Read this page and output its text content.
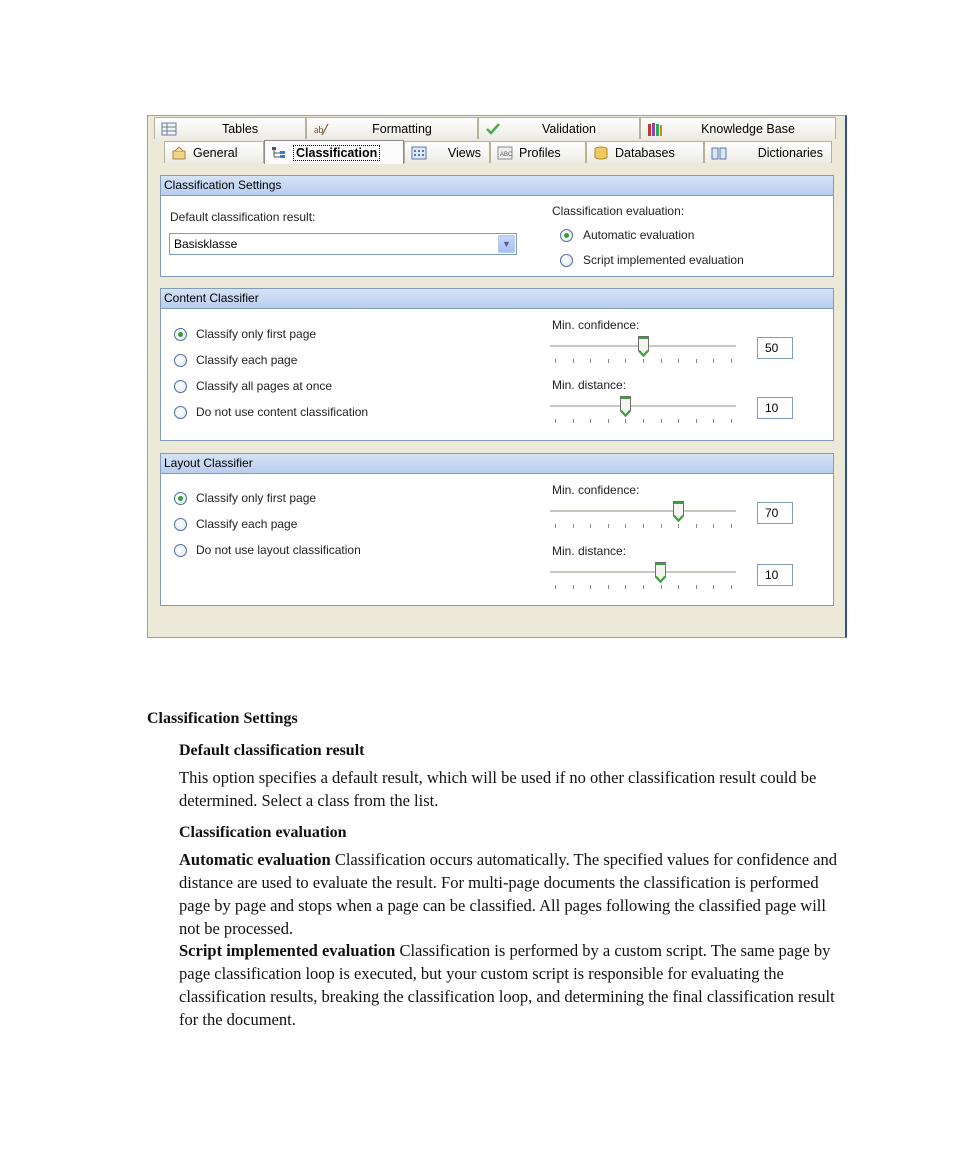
Tables	ab	Formatting	Validation	Knowledge Base
General	Classification	Views	ABC Profiles	Databases	Dictionaries
Classification Settings
Default classification result:
Basisklasse	▼
Classification evaluation:
Automatic evaluation
Script implemented evaluation
Content Classifier
Classify only first page
Classify each page
Classify all pages at once
Do not use content classification
Min. confidence:
50
Min. distance:
10
Layout Classifier
Classify only first page
Classify each page
Do not use layout classification
Min. confidence:
70
Min. distance:
10
Classification Settings
Default classification result
This option specifies a default result, which will be used if no other classification result could be determined. Select a class from the list.
Classification evaluation
Automatic evaluation Classification occurs automatically. The specified values for confidence and distance are used to evaluate the result. For multi-page documents the classification is performed page by page and stops when a page can be classified. All pages following the classified page will not be processed.
Script implemented evaluation Classification is performed by a custom script. The same page by page classification loop is executed, but your custom script is responsible for evaluating the classification results, breaking the classification loop, and determining the final classification result for the document.
